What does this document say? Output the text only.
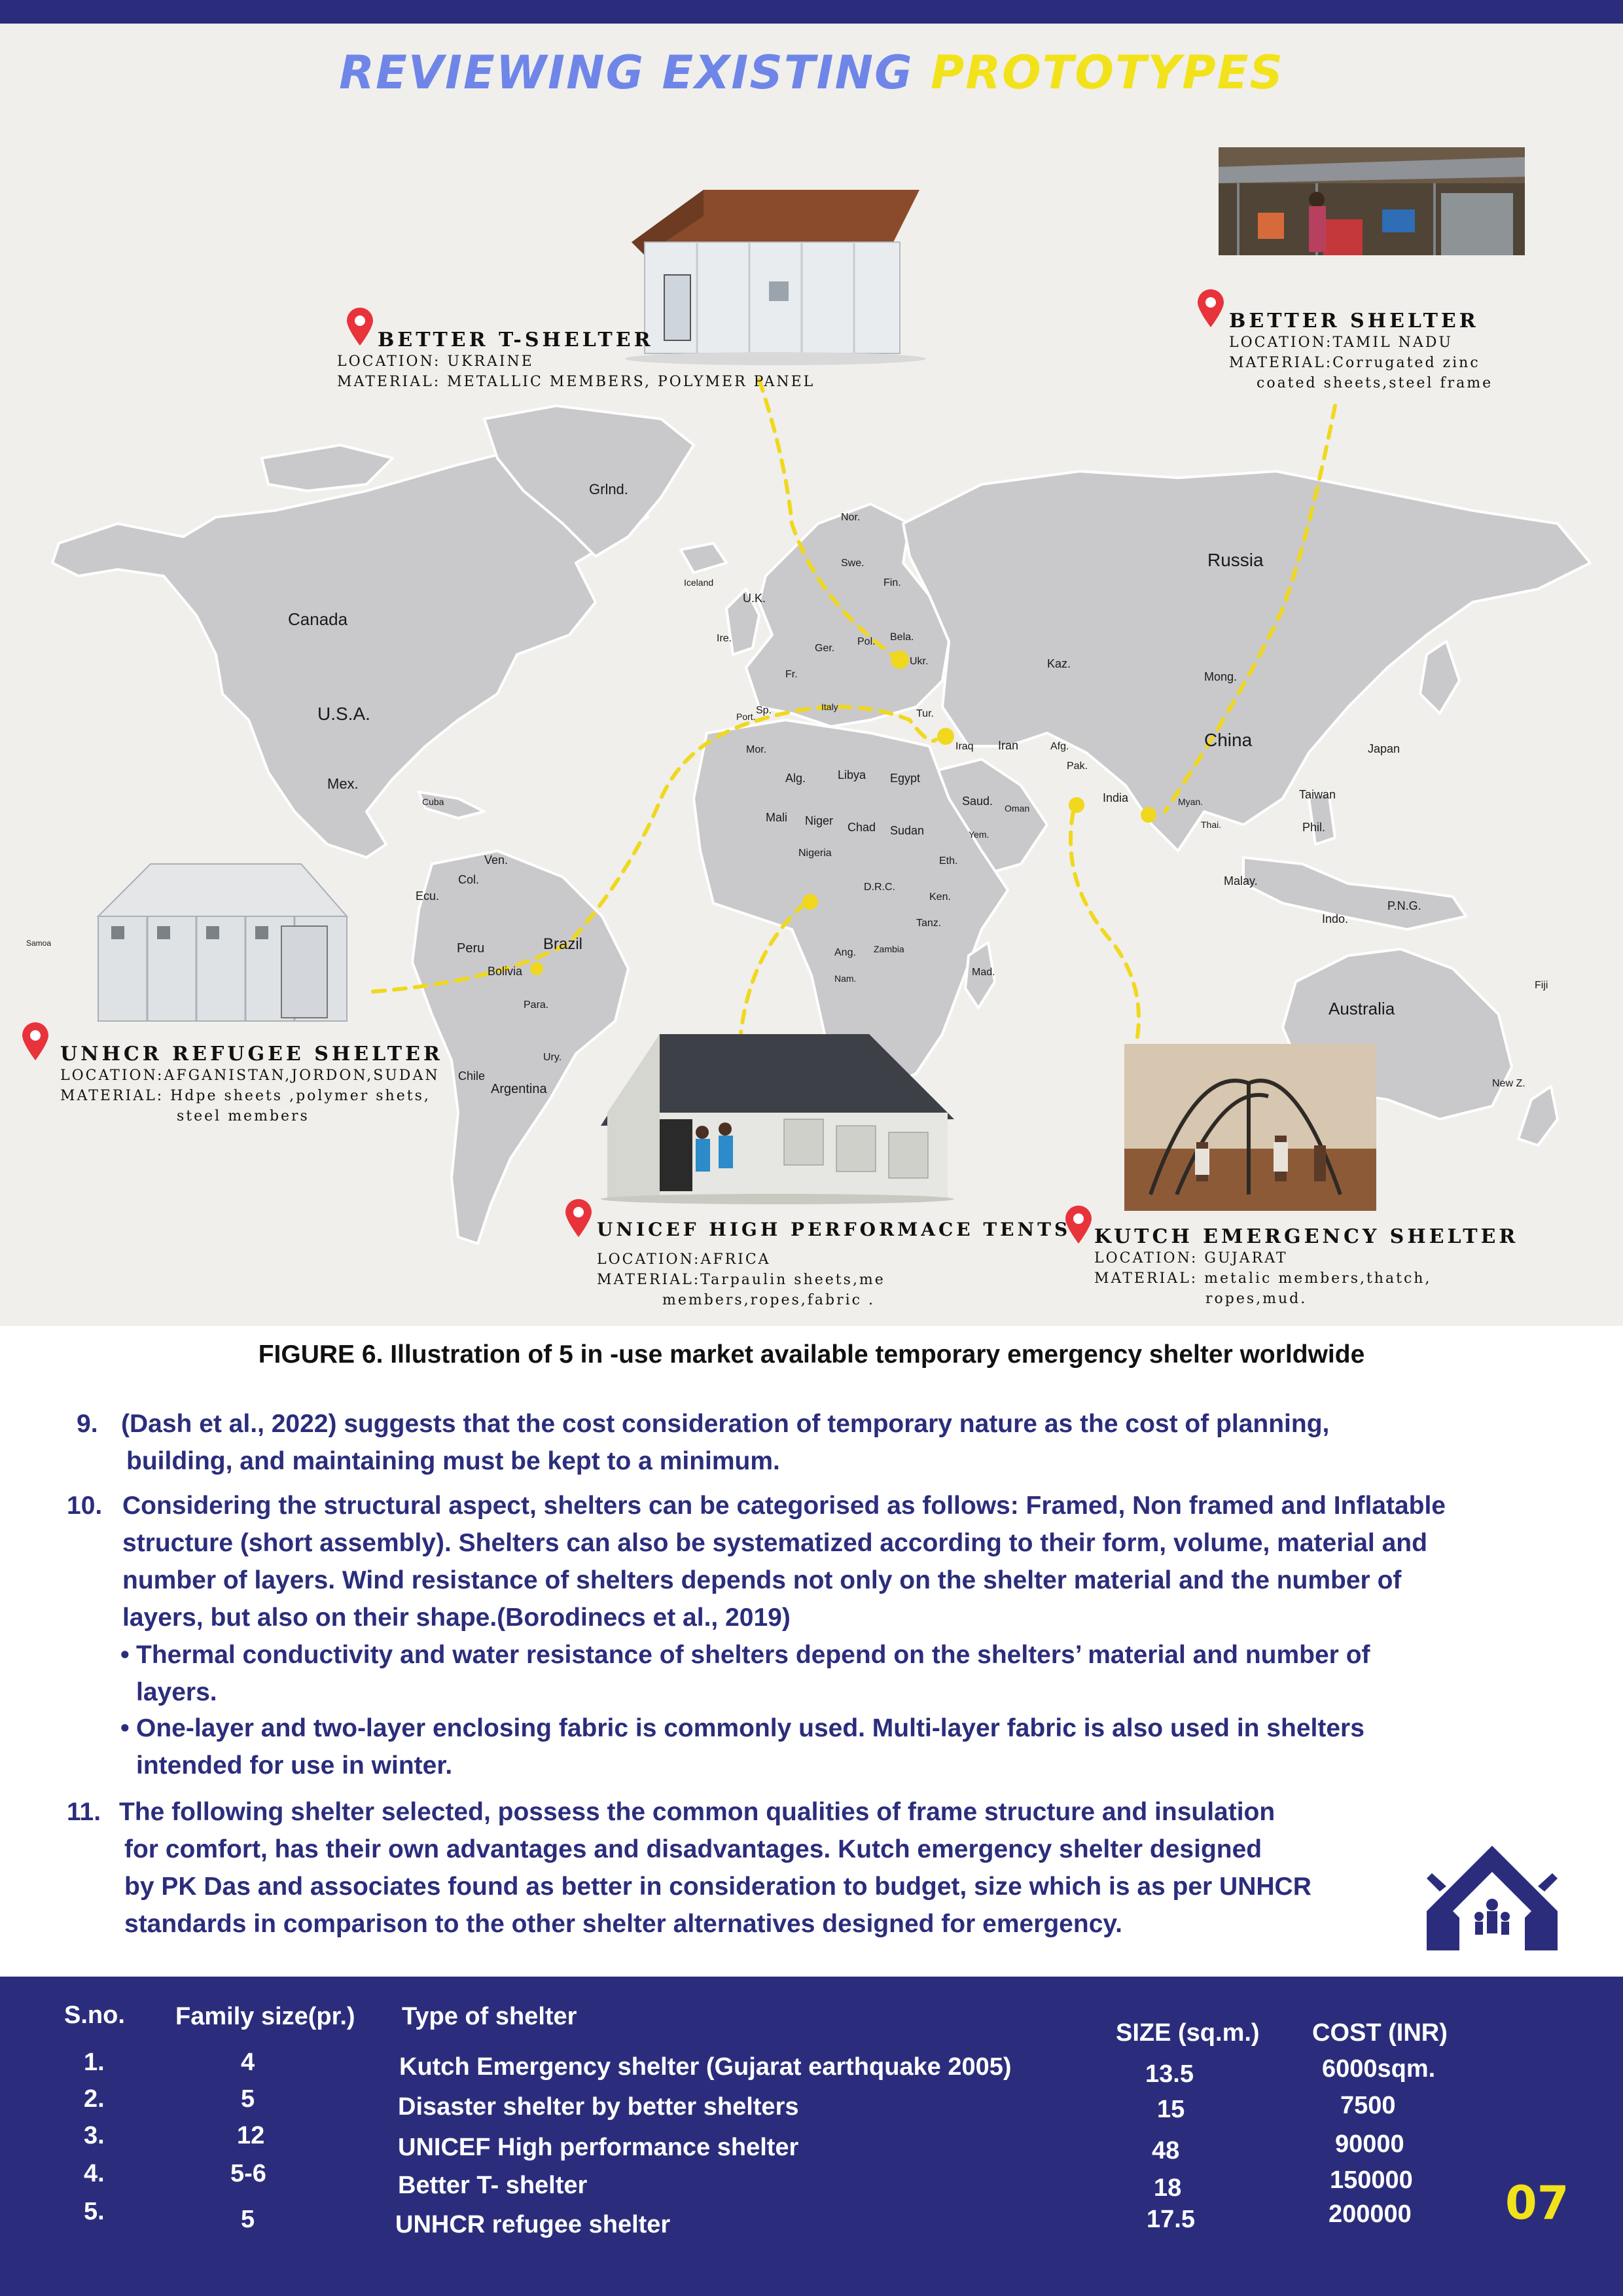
REVIEWING EXISTING PROTOTYPES
Grlnd.
Canada
U.S.A.
Mex.
Cuba
Ven.
Col.
Ecu.
Peru	Brazil
Bolivia
Para.
Chile
Argentina
Ury.
Iceland
Nor.
Swe.
Fin.
U.K.
Ire.
Ger.
Pol. Bela.
Ukr.
Fr.
Sp.
Port.
Italy
Tur.
Mor.
Alg.	Libya Egypt
Mali Niger Chad Sudan
Nigeria
Eth.
D.R.C.
Ken.
Tanz.
Ang. Zambia
Nam.
Mad.
Saud.
Yem.
Oman
Iraq Iran	Afg.
Pak.
India
Russia
Kaz.
Mong.
China	Japan
Taiwan
Myan.
Thai.	Phil.
Malay.
Indo.
P.N.G.
Australia
New Z.
Fiji
Samoa
BETTER T-SHELTER
LOCATION: UKRAINE
MATERIAL: METALLIC MEMBERS, POLYMER PANEL
BETTER SHELTER
LOCATION:TAMIL NADU
MATERIAL:Corrugated zinc
coated sheets,steel frame
UNHCR REFUGEE SHELTER
LOCATION:AFGANISTAN,JORDON,SUDAN
MATERIAL: Hdpe sheets ,polymer shets,
steel members
UNICEF HIGH PERFORMACE TENTS
LOCATION:AFRICA
MATERIAL:Tarpaulin sheets,me
members,ropes,fabric .
KUTCH EMERGENCY SHELTER
LOCATION: GUJARAT
MATERIAL: metalic members,thatch,
ropes,mud.
FIGURE 6. Illustration of 5 in -use market available temporary emergency shelter worldwide
9. (Dash et al., 2022) suggests that the cost consideration of temporary nature as the cost of planning,
building, and maintaining must be kept to a minimum.
10. Considering the structural aspect, shelters can be categorised as follows: Framed, Non framed and Inflatable
structure (short assembly). Shelters can also be systematized according to their form, volume, material and
number of layers. Wind resistance of shelters depends not only on the shelter material and the number of
layers, but also on their shape.(Borodinecs et al., 2019)
• Thermal conductivity and water resistance of shelters depend on the shelters’ material and number of
layers.
• One-layer and two-layer enclosing fabric is commonly used. Multi-layer fabric is also used in shelters
intended for use in winter.
11. The following shelter selected, possess the common qualities of frame structure and insulation
for comfort, has their own advantages and disadvantages. Kutch emergency shelter designed
by PK Das and associates found as better in consideration to budget, size which is as per UNHCR
standards in comparison to the other shelter alternatives designed for emergency.
S.no. Family size(pr.) Type of shelter
SIZE (sq.m.) COST (INR)
1.	4	Kutch Emergency shelter (Gujarat earthquake 2005)	13.5	6000sqm.
2.	5	Disaster shelter by better shelters	15	7500
3.	12	UNICEF High performance shelter	48	90000
4.	5-6	Better T- shelter	18	150000
5.	5	UNHCR refugee shelter	17.5	200000 07
